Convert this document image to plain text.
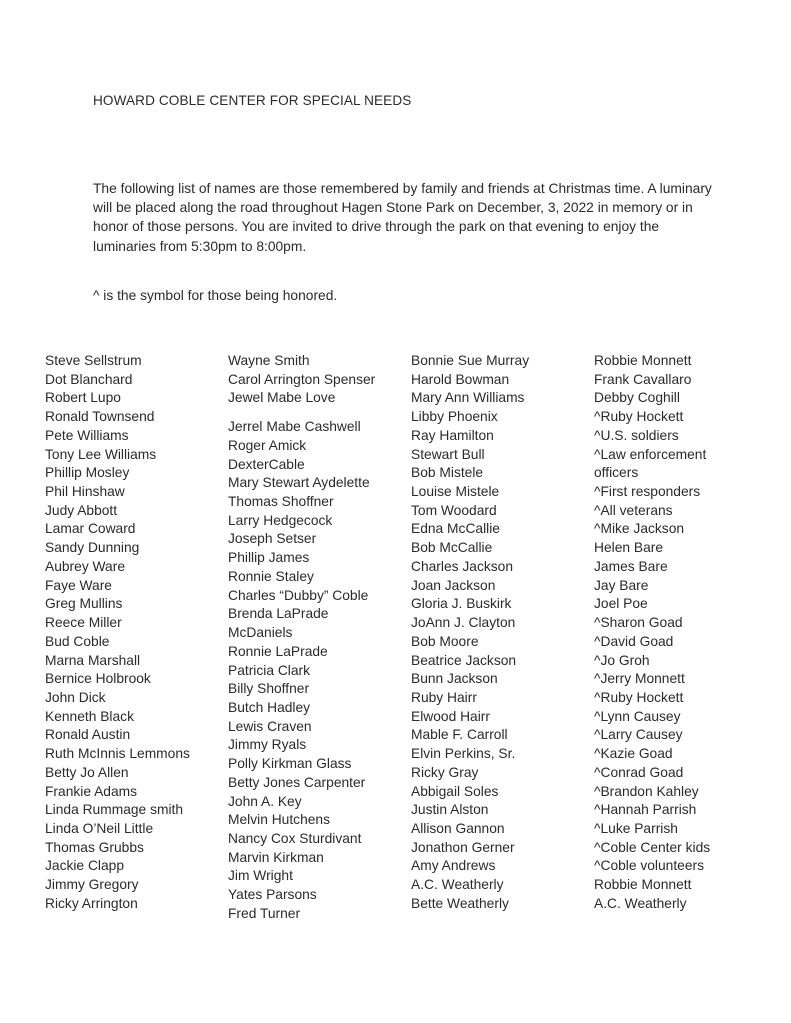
HOWARD COBLE CENTER FOR SPECIAL NEEDS
The following list of names are those remembered by family and friends at Christmas time. A luminary
will be placed along the road throughout Hagen Stone Park on December, 3, 2022 in memory or in
honor of those persons. You are invited to drive through the park on that evening to enjoy the
luminaries from 5:30pm to 8:00pm.
^ is the symbol for those being honored.
Steve Sellstrum
Dot Blanchard
Robert Lupo
Ronald Townsend
Pete Williams
Tony Lee Williams
Phillip Mosley
Phil Hinshaw
Judy Abbott
Lamar Coward
Sandy Dunning
Aubrey Ware
Faye Ware
Greg Mullins
Reece Miller
Bud Coble
Marna Marshall
Bernice Holbrook
John Dick
Kenneth Black
Ronald Austin
Ruth McInnis Lemmons
Betty Jo Allen
Frankie Adams
Linda Rummage smith
Linda O’Neil Little
Thomas Grubbs
Jackie Clapp
Jimmy Gregory
Ricky Arrington
Wayne Smith
Carol Arrington Spenser
Jewel Mabe Love
Jerrel Mabe Cashwell
Roger Amick
DexterCable
Mary Stewart Aydelette
Thomas Shoffner
Larry Hedgecock
Joseph Setser
Phillip James
Ronnie Staley
Charles “Dubby” Coble
Brenda LaPrade
McDaniels
Ronnie LaPrade
Patricia Clark
Billy Shoffner
Butch Hadley
Lewis Craven
Jimmy Ryals
Polly Kirkman Glass
Betty Jones Carpenter
John A. Key
Melvin Hutchens
Nancy Cox Sturdivant
Marvin Kirkman
Jim Wright
Yates Parsons
Fred Turner
Bonnie Sue Murray
Harold Bowman
Mary Ann Williams
Libby Phoenix
Ray Hamilton
Stewart Bull
Bob Mistele
Louise Mistele
Tom Woodard
Edna McCallie
Bob McCallie
Charles Jackson
Joan Jackson
Gloria J. Buskirk
JoAnn J. Clayton
Bob Moore
Beatrice Jackson
Bunn Jackson
Ruby Hairr
Elwood Hairr
Mable F. Carroll
Elvin Perkins, Sr.
Ricky Gray
Abbigail Soles
Justin Alston
Allison Gannon
Jonathon Gerner
Amy Andrews
A.C. Weatherly
Bette Weatherly
Robbie Monnett
Frank Cavallaro
Debby Coghill
^Ruby Hockett
^U.S. soldiers
^Law enforcement
officers
^First responders
^All veterans
^Mike Jackson
Helen Bare
James Bare
Jay Bare
Joel Poe
^Sharon Goad
^David Goad
^Jo Groh
^Jerry Monnett
^Ruby Hockett
^Lynn Causey
^Larry Causey
^Kazie Goad
^Conrad Goad
^Brandon Kahley
^Hannah Parrish
^Luke Parrish
^Coble Center kids
^Coble volunteers
Robbie Monnett
A.C. Weatherly
